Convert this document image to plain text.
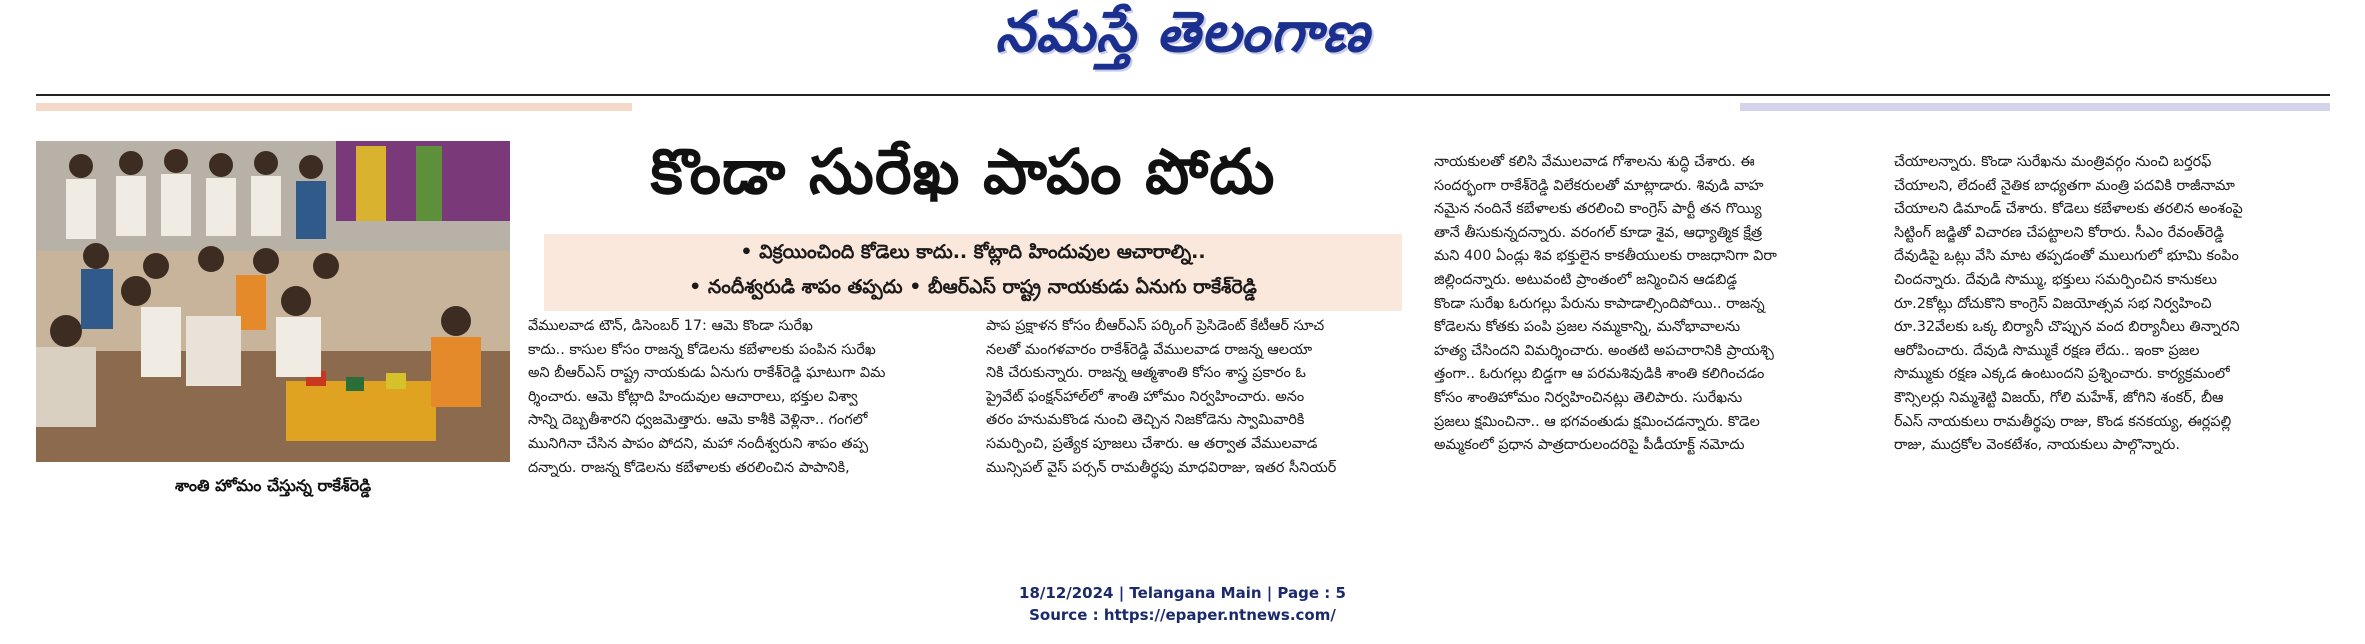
నమస్తే తెలంగాణ
శాంతి హోమం చేస్తున్న రాకేశ్‌రెడ్డి
కొండా సురేఖ పాపం పోదు
• విక్రయించింది కోడెలు కాదు.. కోట్లాది హిందువుల ఆచారాల్ని..
• నందీశ్వరుడి శాపం తప్పదు • బీఆర్‌ఎస్‌ రాష్ట్ర నాయకుడు ఏనుగు రాకేశ్‌రెడ్డి
వేములవాడ టౌన్‌, డిసెంబర్‌ 17: ఆమె కొండా సురేఖ
కాదు.. కాసుల కోసం రాజన్న కోడెలను కబేళాలకు పంపిన సురేఖ
అని బీఆర్‌ఎస్‌ రాష్ట్ర నాయకుడు ఏనుగు రాకేశ్‌రెడ్డి ఘాటుగా విమ
ర్శించారు. ఆమె కోట్లాది హిందువుల ఆచారాలు, భక్తుల విశ్వా
సాన్ని దెబ్బతీశారని ధ్వజమెత్తారు. ఆమె కాశీకి వెళ్లినా.. గంగలో
మునిగినా చేసిన పాపం పోదని, మహా నందీశ్వరుని శాపం తప్ప
దన్నారు. రాజన్న కోడెలను కబేళాలకు తరలించిన పాపానికి,
పాప ప్రక్షాళన కోసం బీఆర్‌ఎస్‌ పర్కింగ్‌ ప్రెసిడెంట్‌ కేటీఆర్‌ సూచ
నలతో మంగళవారం రాకేశ్‌రెడ్డి వేములవాడ రాజన్న ఆలయా
నికి చేరుకున్నారు. రాజన్న ఆత్మశాంతి కోసం శాస్త్ర ప్రకారం ఓ
ప్రైవేట్‌ ఫంక్షన్‌హాల్‌లో శాంతి హోమం నిర్వహించారు. అనం
తరం హనుమకొండ నుంచి తెచ్చిన నిజకోడెను స్వామివారికి
సమర్పించి, ప్రత్యేక పూజలు చేశారు. ఆ తర్వాత వేములవాడ
మున్సిపల్‌ వైస్‌ పర్సన్‌ రామతీర్థపు మాధవిరాజు, ఇతర సీనియర్‌
నాయకులతో కలిసి వేములవాడ గోశాలను శుద్ధి చేశారు. ఈ
సందర్భంగా రాకేశ్‌రెడ్డి విలేకరులతో మాట్లాడారు. శివుడి వాహ
నమైన నందినే కబేళాలకు తరలించి కాంగ్రెస్‌ పార్టీ తన గొయ్యి
తానే తీసుకున్నదన్నారు. వరంగల్‌ కూడా శైవ, ఆధ్యాత్మిక క్షేత్ర
మని 400 ఏండ్లు శివ భక్తులైన కాకతీయులకు రాజధానిగా విరా
జిల్లిందన్నారు. అటువంటి ప్రాంతంలో జన్మించిన ఆడబిడ్డ
కొండా సురేఖ ఓరుగల్లు పేరును కాపాడాల్సిందిపోయి.. రాజన్న
కోడెలను కోతకు పంపి ప్రజల నమ్మకాన్ని, మనోభావాలను
హత్య చేసిందని విమర్శించారు. అంతటి అపచారానికి ప్రాయశ్చి
త్తంగా.. ఓరుగల్లు బిడ్డగా ఆ పరమశివుడికి శాంతి కలిగించడం
కోసం శాంతిహోమం నిర్వహించినట్లు తెలిపారు. సురేఖను
ప్రజలు క్షమించినా.. ఆ భగవంతుడు క్షమించడన్నారు. కొడెల
అమ్మకంలో ప్రధాన పాత్రదారులందరిపై పీడీయాక్ట్‌ నమోదు
చేయాలన్నారు. కొండా సురేఖను మంత్రివర్గం నుంచి బర్తరఫ్‌
చేయాలని, లేదంటే నైతిక బాధ్యతగా మంత్రి పదవికి రాజీనామా
చేయాలని డిమాండ్‌ చేశారు. కోడెలు కబేళాలకు తరలిన అంశంపై
సిట్టింగ్‌ జడ్జితో విచారణ చేపట్టాలని కోరారు. సీఎం రేవంత్‌రెడ్డి
దేవుడిపై ఒట్లు వేసి మాట తప్పడంతో ములుగులో భూమి కంపిం
చిందన్నారు. దేవుడి సొమ్ము, భక్తులు సమర్పించిన కానుకలు
రూ.2కోట్లు దోచుకొని కాంగ్రెస్‌ విజయోత్సవ సభ నిర్వహించి
రూ.32వేలకు ఒక్క బిర్యానీ చొప్పున వంద బిర్యానీలు తిన్నారని
ఆరోపించారు. దేవుడి సొమ్ముకే రక్షణ లేదు.. ఇంకా ప్రజల
సొమ్ముకు రక్షణ ఎక్కడ ఉంటుందని ప్రశ్నించారు. కార్యక్రమంలో
కౌన్సిలర్లు నిమ్మశెట్టి విజయ్‌, గోలి మహేశ్‌, జోగిని శంకర్‌, బీఆ
ర్‌ఎస్‌ నాయకులు రామతీర్థపు రాజు, కొండ కనకయ్య, ఈర్లపల్లి
రాజు, ముద్రకోల వెంకటేశం, నాయకులు పాల్గొన్నారు.
18/12/2024 | Telangana Main | Page : 5
Source : https://epaper.ntnews.com/
